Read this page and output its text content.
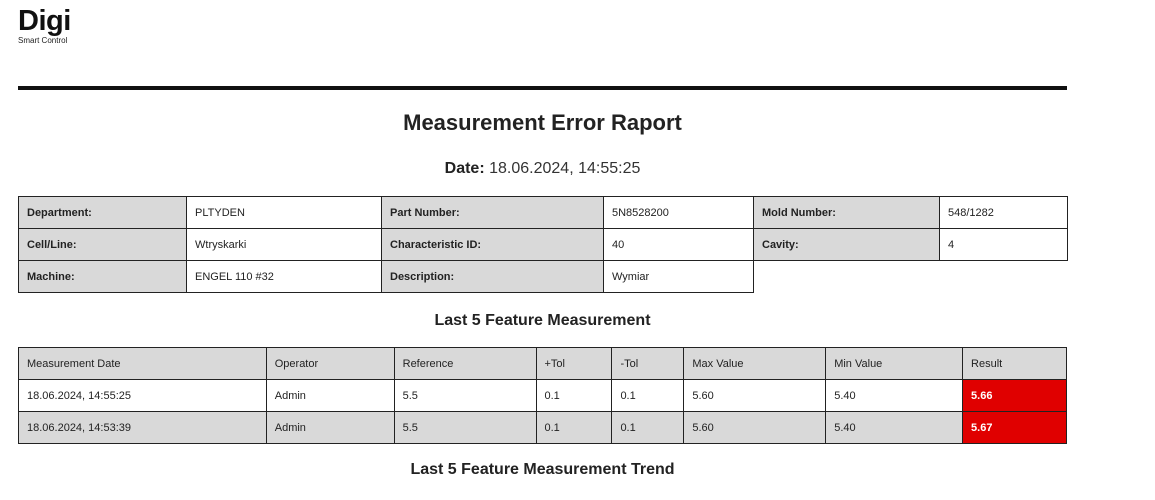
Digi
Smart Control
Measurement Error Raport
Date: 18.06.2024, 14:55:25
Department:	PLTYDEN	Part Number:	5N8528200	Mold Number:	548/1282
Cell/Line:	Wtryskarki	Characteristic ID:	40	Cavity:	4
Machine:	ENGEL 110 #32	Description:	Wymiar		
Last 5 Feature Measurement
Measurement Date	Operator	Reference	+Tol	-Tol	Max Value	Min Value	Result
18.06.2024, 14:55:25	Admin	5.5	0.1	0.1	5.60	5.40	5.66
18.06.2024, 14:53:39	Admin	5.5	0.1	0.1	5.60	5.40	5.67
Last 5 Feature Measurement Trend
